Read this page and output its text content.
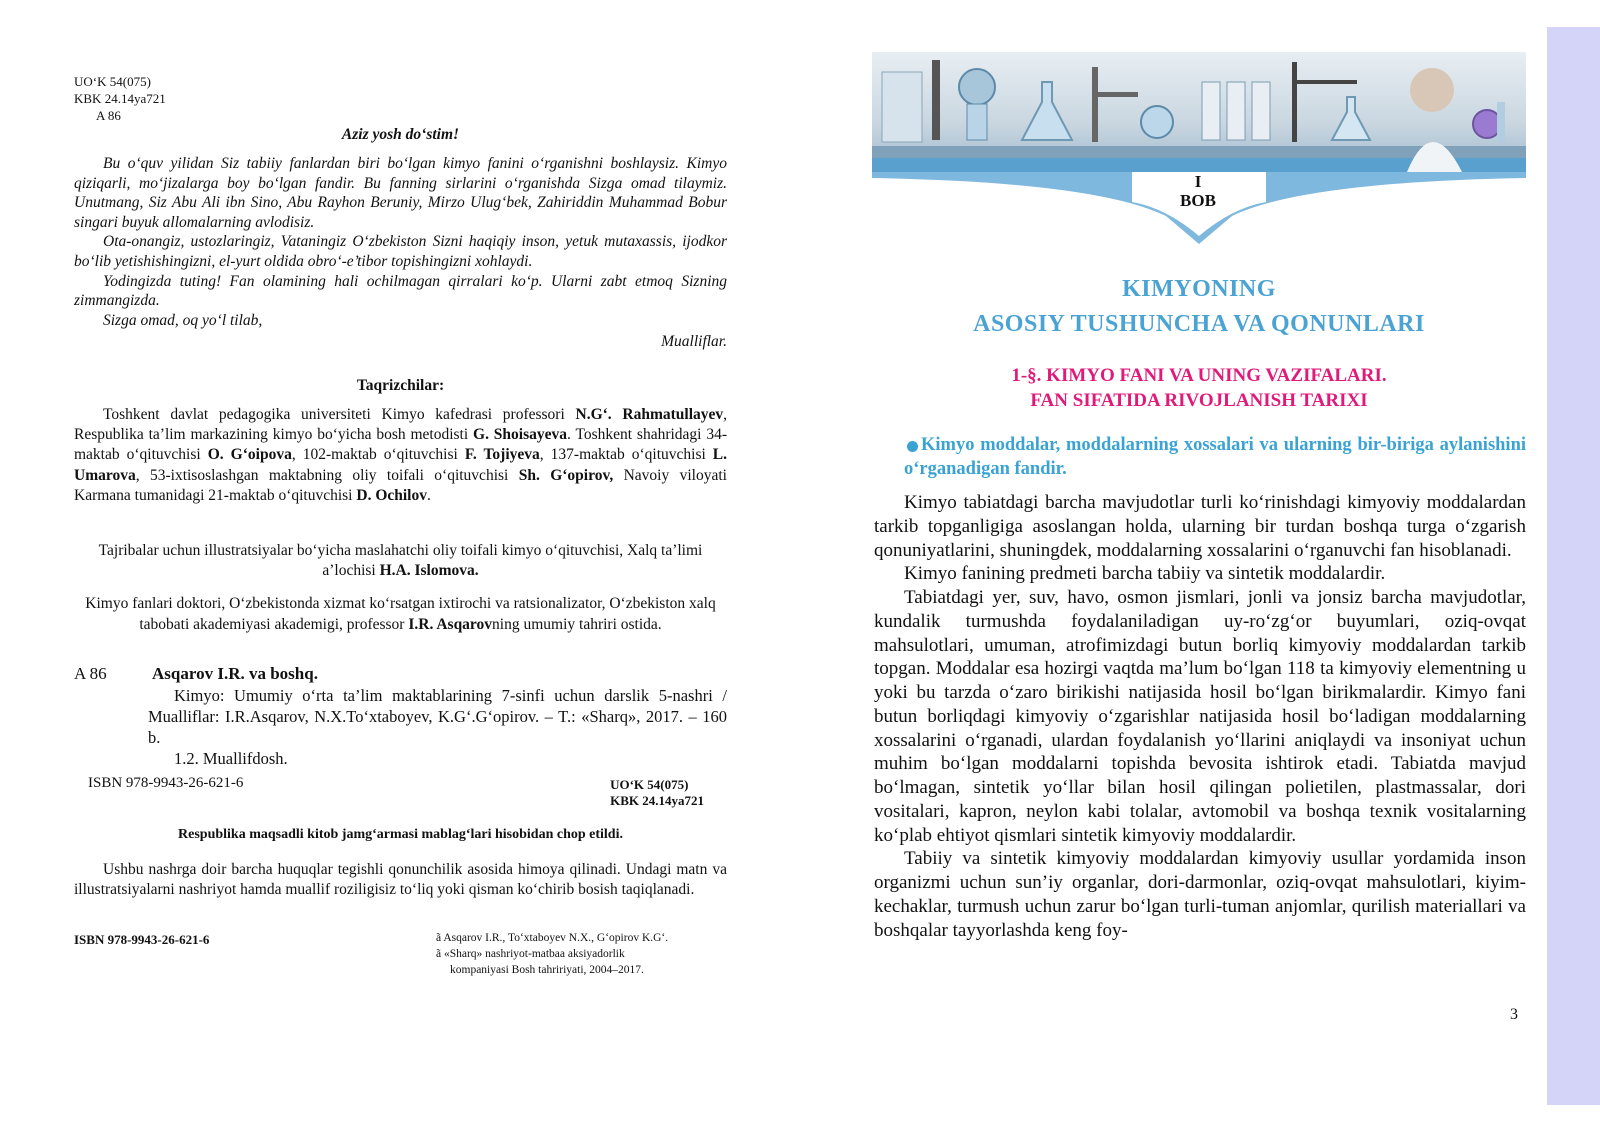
UO‘K 54(075)
KBK 24.14ya721
A 86
Aziz yosh do‘stim!

Bu o‘quv yilidan Siz tabiiy fanlardan biri bo‘lgan kimyo fanini o‘rganishni boshlaysiz. Kimyo qiziqarli, mo‘jizalarga boy bo‘lgan fandir. Bu fanning sirlarini o‘rganishda Sizga omad tilaymiz. Unutmang, Siz Abu Ali ibn Sino, Abu Rayhon Beruniy, Mirzo Ulug‘bek, Zahiriddin Muhammad Bobur singari buyuk allomalarning avlodisiz.

Ota-onangiz, ustozlaringiz, Vataningiz O‘zbekiston Sizni haqiqiy inson, yetuk mutaxassis, ijodkor bo‘lib yetishishingizni, el-yurt oldida obro‘-e’tibor topishingizni xohlaydi.

Yodingizda tuting! Fan olamining hali ochilmagan qirralari ko‘p. Ularni zabt etmoq Sizning zimmangizda.

Sizga omad, oq yo‘l tilab,

Mualliflar.
Taqrizchilar:

Toshkent davlat pedagogika universiteti Kimyo kafedrasi professori N.G‘. Rahmatullayev, Respublika ta’lim markazining kimyo bo‘yicha bosh metodisti G. Shoisayeva. Toshkent shahridagi 34-maktab o‘qituvchisi O. G‘oipova, 102-maktab o‘qituvchisi F. Tojiyeva, 137-maktab o‘qituvchisi L. Umarova, 53-ixtisoslashgan maktabning oliy toifali o‘qituvchisi Sh. G‘opirov, Navoiy viloyati Karmana tumanidagi 21-maktab o‘qituvchisi D. Ochilov.

Tajribalar uchun illustratsiyalar bo‘yicha maslahatchi oliy toifali kimyo o‘qituvchisi, Xalq ta’limi a’lochisi H.A. Islomova.

Kimyo fanlari doktori, O‘zbekistonda xizmat ko‘rsatgan ixtirochi va ratsionalizator, O‘zbekiston xalq tabobati akademiyasi akademigi, professor I.R. Asqarovning umumiy tahriri ostida.

A 86	Asqarov I.R. va boshq.

Kimyo: Umumiy o‘rta ta’lim maktablarining 7-sinfi uchun darslik 5-nashri / Mualliflar: I.R.Asqarov, N.X.To‘xtaboyev, K.G‘.G‘opirov. – T.: «Sharq», 2017. – 160 b.

1.2. Muallifdosh.

ISBN 978-9943-26-621-6	UO‘K 54(075)
KBK 24.14ya721

Respublika maqsadli kitob jamg‘armasi mablag‘lari hisobidan chop etildi.

Ushbu nashrga doir barcha huquqlar tegishli qonunchilik asosida himoya qilinadi. Undagi matn va illustratsiyalarni nashriyot hamda muallif roziligisiz to‘liq yoki qisman ko‘chirib bosish taqiqlanadi.

ISBN 978-9943-26-621-6	ã Asqarov I.R., To‘xtaboyev N.X., G‘opirov K.G‘.
ã «Sharq» nashriyot-matbaa aksiyadorlik
kompaniyasi Bosh tahririyati, 2004–2017.
I
BOB
KIMYONING
ASOSIY TUSHUNCHA VA QONUNLARI
1-§. KIMYO FANI VA UNING VAZIFALARI.
FAN SIFATIDA RIVOJLANISH TARIXI
Kimyo moddalar, moddalarning xossalari va ularning bir-biriga aylanishini o‘rganadigan fandir.

Kimyo tabiatdagi barcha mavjudotlar turli ko‘rinishdagi kimyoviy moddalardan tarkib topganligiga asoslangan holda, ularning bir turdan boshqa turga o‘zgarish qonuniyatlarini, shuningdek, moddalarning xossalarini o‘rganuvchi fan hisoblanadi.

Kimyo fanining predmeti barcha tabiiy va sintetik moddalardir.

Tabiatdagi yer, suv, havo, osmon jismlari, jonli va jonsiz barcha mavjudotlar, kundalik turmushda foydalaniladigan uy-ro‘zg‘or buyumlari, oziq-ovqat mahsulotlari, umuman, atrofimizdagi butun borliq kimyoviy moddalardan tarkib topgan. Moddalar esa hozirgi vaqtda ma’lum bo‘lgan 118 ta kimyoviy elementning u yoki bu tarzda o‘zaro birikishi natijasida hosil bo‘lgan birikmalardir. Kimyo fani butun borliqdagi kimyoviy o‘zgarishlar natijasida hosil bo‘ladigan moddalarning xossalarini o‘rganadi, ulardan foydalanish yo‘llarini aniqlaydi va insoniyat uchun muhim bo‘lgan moddalarni topishda bevosita ishtirok etadi. Tabiatda mavjud bo‘lmagan, sintetik yo‘llar bilan hosil qilingan polietilen, plastmassalar, dori vositalari, kapron, neylon kabi tolalar, avtomobil va boshqa texnik vositalarning ko‘plab ehtiyot qismlari sintetik kimyoviy moddalardir.

Tabiiy va sintetik kimyoviy moddalardan kimyoviy usullar yordamida inson organizmi uchun sun’iy organlar, dori-darmonlar, oziq-ovqat mahsulotlari, kiyim-kechaklar, turmush uchun zarur bo‘lgan turli-tuman anjomlar, qurilish materiallari va boshqalar tayyorlashda keng foy-

3
